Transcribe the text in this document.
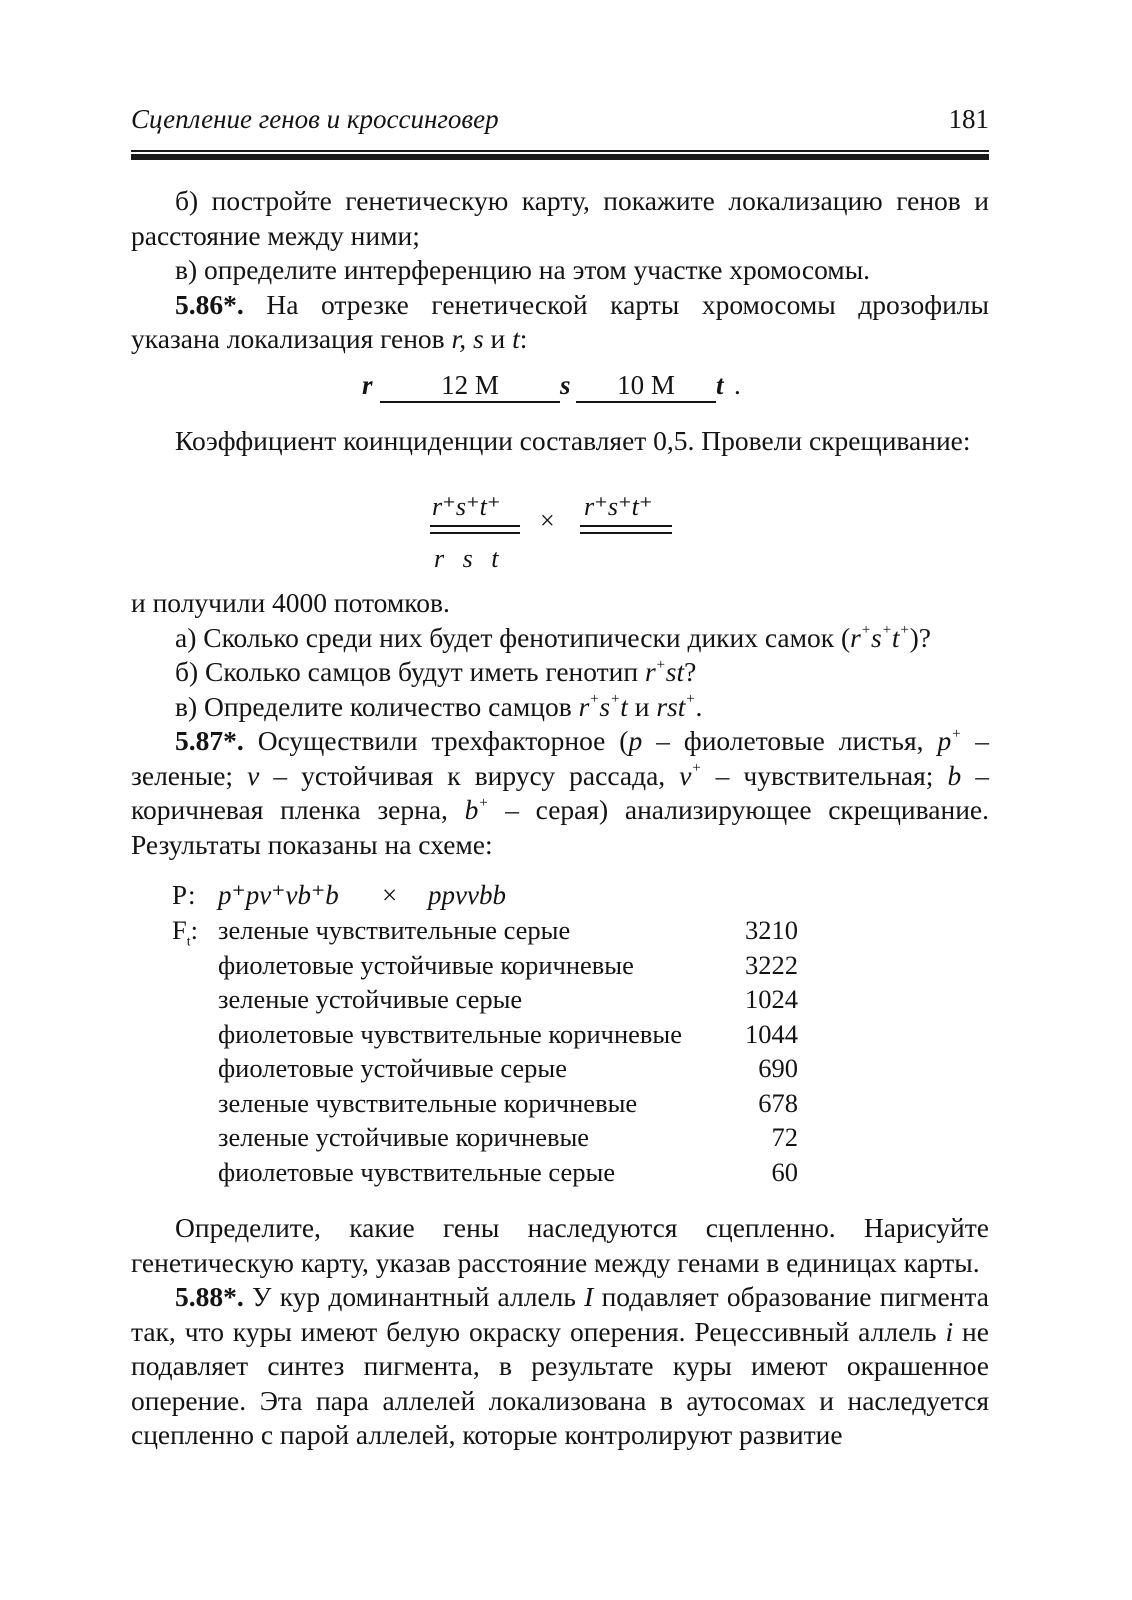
Сцепление генов и кроссинговер	181

б) постройте генетическую карту, покажите локализацию генов и расстояние между ними;

в) определите интерференцию на этом участке хромосомы.

5.86*. На отрезке генетической карты хромосомы дрозофилы указана локализация генов r, s и t:

r	12 М	s	10 М	t .

Коэффициент коинциденции составляет 0,5. Провели скрещивание:

r⁺s⁺t⁺
r s t
× r⁺s⁺t⁺

и получили 4000 потомков.

а) Сколько среди них будет фенотипически диких самок (r+s+t+)?

б) Сколько самцов будут иметь генотип r+st?

в) Определите количество самцов r+s+t и rst+.

5.87*. Осуществили трехфакторное (p – фиолетовые листья, p+ – зеленые; v – устойчивая к вирусу рассада, v+ – чувствительная; b – коричневая пленка зерна, b+ – серая) анализирующее скрещивание. Результаты показаны на схеме:

Р: p⁺pv⁺vb⁺b × ppvvbb
$F_t$: зеленые чувствительные серые	3210
фиолетовые устойчивые коричневые	3222
зеленые устойчивые серые	1024
фиолетовые чувствительные коричневые 1044
фиолетовые устойчивые серые	690
зеленые чувствительные коричневые	678
зеленые устойчивые коричневые	72
фиолетовые чувствительные серые	60

Определите, какие гены наследуются сцепленно. Нарисуйте генетическую карту, указав расстояние между генами в единицах карты.

5.88*. У кур доминантный аллель I подавляет образование пигмента так, что куры имеют белую окраску оперения. Рецессивный аллель i не подавляет синтез пигмента, в результате куры имеют окрашенное оперение. Эта пара аллелей локализована в аутосомах и наследуется сцепленно с парой аллелей, которые контролируют развитие
